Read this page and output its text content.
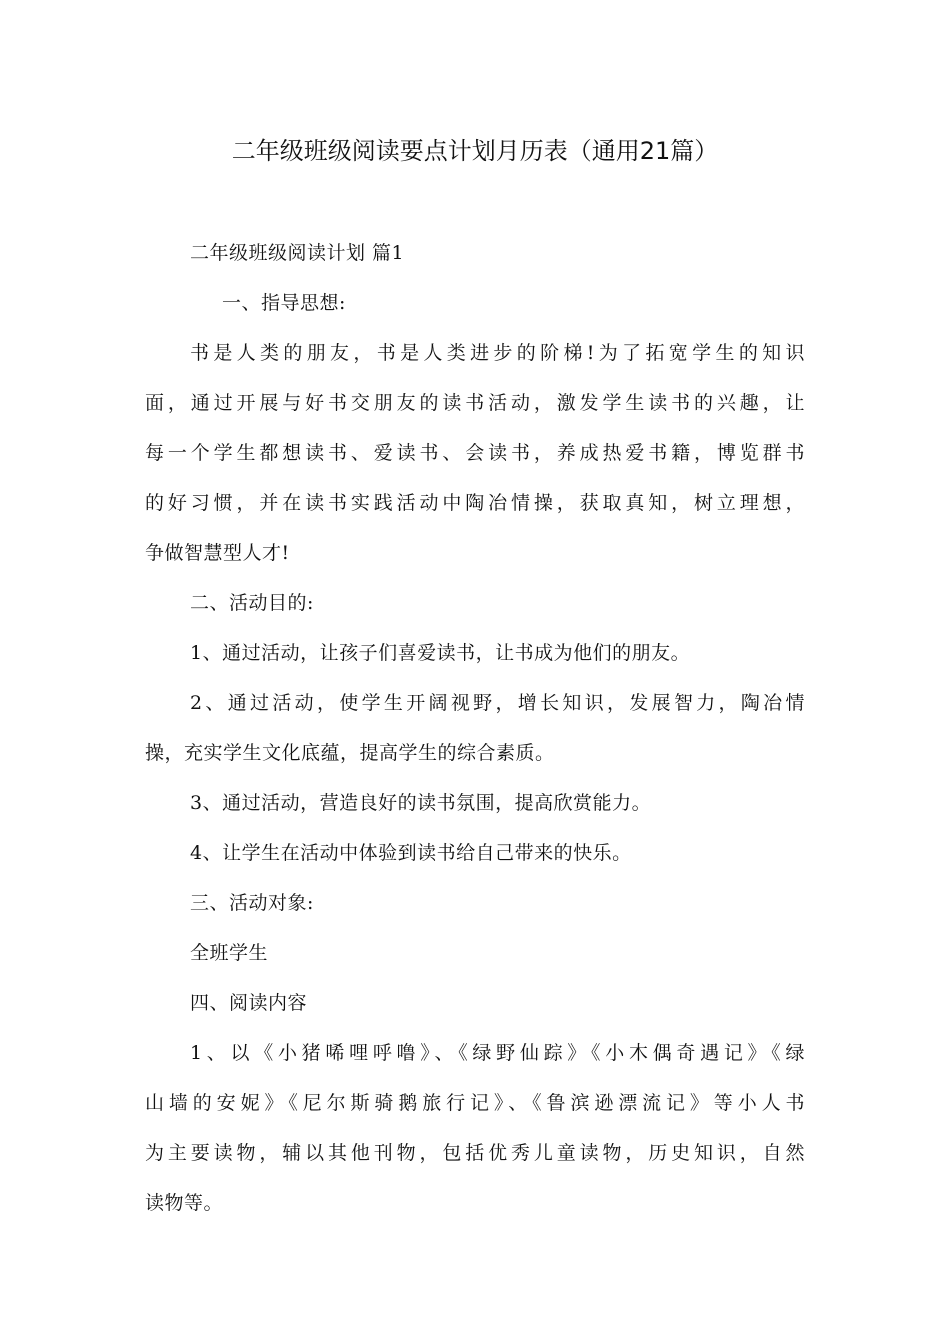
二年级班级阅读要点计划月历表（通用21篇）
二年级班级阅读计划 篇1
一、指导思想:
书是人类的朋友，书是人类进步的阶梯!为了拓宽学生的知识
面，通过开展与好书交朋友的读书活动，激发学生读书的兴趣，让
每一个学生都想读书、爱读书、会读书，养成热爱书籍，博览群书
的好习惯，并在读书实践活动中陶冶情操，获取真知，树立理想，
争做智慧型人才!
二、活动目的:
1、通过活动，让孩子们喜爱读书，让书成为他们的朋友。
2、通过活动，使学生开阔视野，增长知识，发展智力，陶冶情
操，充实学生文化底蕴，提高学生的综合素质。
3、通过活动，营造良好的读书氛围，提高欣赏能力。
4、让学生在活动中体验到读书给自己带来的快乐。
三、活动对象:
全班学生
四、阅读内容
1、以《小猪唏哩呼噜》、《绿野仙踪》《小木偶奇遇记》《绿
山墙的安妮》《尼尔斯骑鹅旅行记》、《鲁滨逊漂流记》等小人书
为主要读物，辅以其他刊物，包括优秀儿童读物，历史知识，自然
读物等。
